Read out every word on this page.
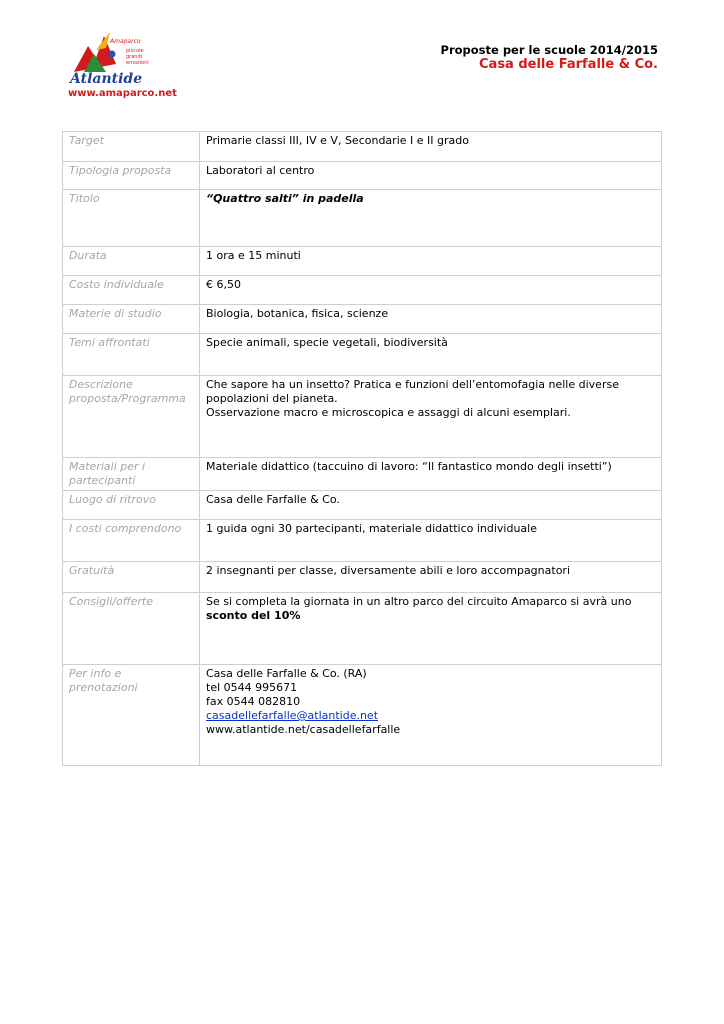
Amaparco
piccole
grandi
emozioni
Atlantide
www.amaparco.net
Proposte per le scuole 2014/2015
Casa delle Farfalle & Co.
Target	Primarie classi III, IV e V, Secondarie I e II grado
Tipologia proposta	Laboratori al centro
Titolo	“Quattro salti” in padella
Durata	1 ora e 15 minuti
Costo individuale	€ 6,50
Materie di studio	Biologia, botanica, fisica, scienze
Temi affrontati	Specie animali, specie vegetali, biodiversità
Descrizione proposta/Programma	Che sapore ha un insetto? Pratica e funzioni dell’entomofagia nelle diverse popolazioni del pianeta.
Osservazione macro e microscopica e assaggi di alcuni esemplari.

Materiali per i partecipanti	Materiale didattico (taccuino di lavoro: “Il fantastico mondo degli insetti”)
Luogo di ritrovo	Casa delle Farfalle & Co.
I costi comprendono	1 guida ogni 30 partecipanti, materiale didattico individuale
Gratuità	2 insegnanti per classe, diversamente abili e loro accompagnatori
Consigli/offerte	Se si completa la giornata in un altro parco del circuito Amaparco si avrà uno
sconto del 10%

Per info e prenotazioni	Casa delle Farfalle & Co. (RA)
tel 0544 995671
fax 0544 082810
casadellefarfalle@atlantide.net
www.atlantide.net/casadellefarfalle
